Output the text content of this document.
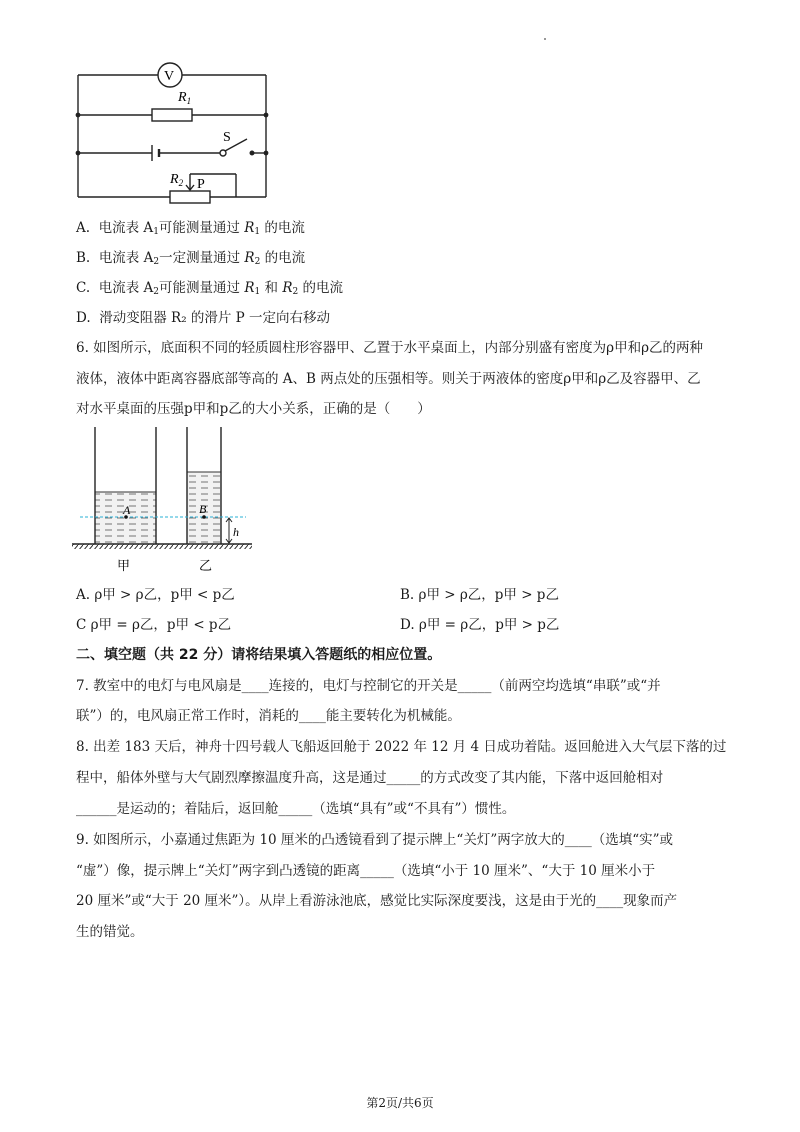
V
$R_1$
S
$R_2$ P
A. 电流表 $A_1$可能测量通过 $R_1$ 的电流
B. 电流表 $A_2$一定测量通过 $R_2$ 的电流
C. 电流表 $A_2$可能测量通过 $R_1$ 和 $R_2$ 的电流
D. 滑动变阻器 R₂ 的滑片 P 一定向右移动
6. 如图所示，底面积不同的轻质圆柱形容器甲、乙置于水平桌面上，内部分别盛有密度为ρ甲和ρ乙的两种
液体，液体中距离容器底部等高的 A、B 两点处的压强相等。则关于两液体的密度ρ甲和ρ乙及容器甲、乙
对水平桌面的压强p甲和p乙的大小关系，正确的是（　　）
A	B
h
甲	乙
A. ρ甲 > ρ乙，p甲 < p乙	B. ρ甲 > ρ乙，p甲 > p乙
C ρ甲 = ρ乙，p甲 < p乙	D. ρ甲 = ρ乙，p甲 > p乙
二、填空题（共 22 分）请将结果填入答题纸的相应位置。
7. 教室中的电灯与电风扇是____连接的，电灯与控制它的开关是_____（前两空均选填“串联”或“并
联”）的，电风扇正常工作时，消耗的____能主要转化为机械能。
8. 出差 183 天后，神舟十四号载人飞船返回舱于 2022 年 12 月 4 日成功着陆。返回舱进入大气层下落的过
程中，船体外壁与大气剧烈摩擦温度升高，这是通过_____的方式改变了其内能，下落中返回舱相对
______是运动的；着陆后，返回舱_____（选填“具有”或“不具有”）惯性。
9. 如图所示，小嘉通过焦距为 10 厘米的凸透镜看到了提示牌上“关灯”两字放大的____（选填“实”或
“虚”）像，提示牌上“关灯”两字到凸透镜的距离_____（选填“小于 10 厘米”、“大于 10 厘米小于
20 厘米”或“大于 20 厘米”）。从岸上看游泳池底，感觉比实际深度要浅，这是由于光的____现象而产
生的错觉。
第2页/共6页
